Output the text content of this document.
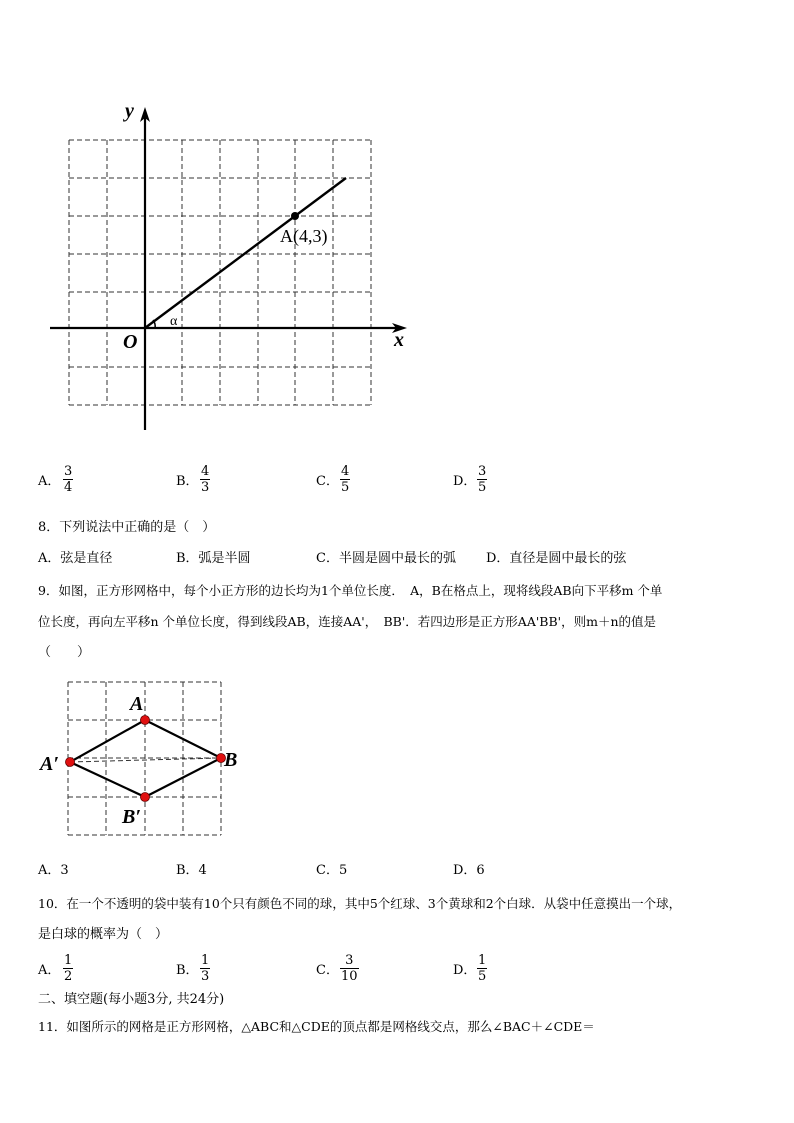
y
x
O
A(4,3)
α
A． $\frac{3}{4}$	B． $\frac{4}{3}$	C． $\frac{4}{5}$	D． $\frac{3}{5}$
8．下列说法中正确的是（　）
A．弦是直径	B．弧是半圆	C．半圆是圆中最长的弧 D．直径是圆中最长的弦
9．如图，正方形网格中，每个小正方形的边长均为1个单位长度．　A，B在格点上，现将线段AB向下平移m 个单
位长度，再向左平移n 个单位长度，得到线段AB，连接AA'，　BB'．若四边形是正方形AA'BB'，则m＋n的值是
（　　）
A
B
A′
B′
A．3	B．4	C．5	D．6
10．在一个不透明的袋中装有10个只有颜色不同的球，其中5个红球、3个黄球和2个白球．从袋中任意摸出一个球，
是白球的概率为（　）
A． $\frac{1}{2}$	B． $\frac{1}{3}$	C． $\frac{3}{10}$	D． $\frac{1}{5}$
二、填空题(每小题3分, 共24分)
11．如图所示的网格是正方形网格，△ABC和△CDE的顶点都是网格线交点，那么∠BAC＋∠CDE＝
